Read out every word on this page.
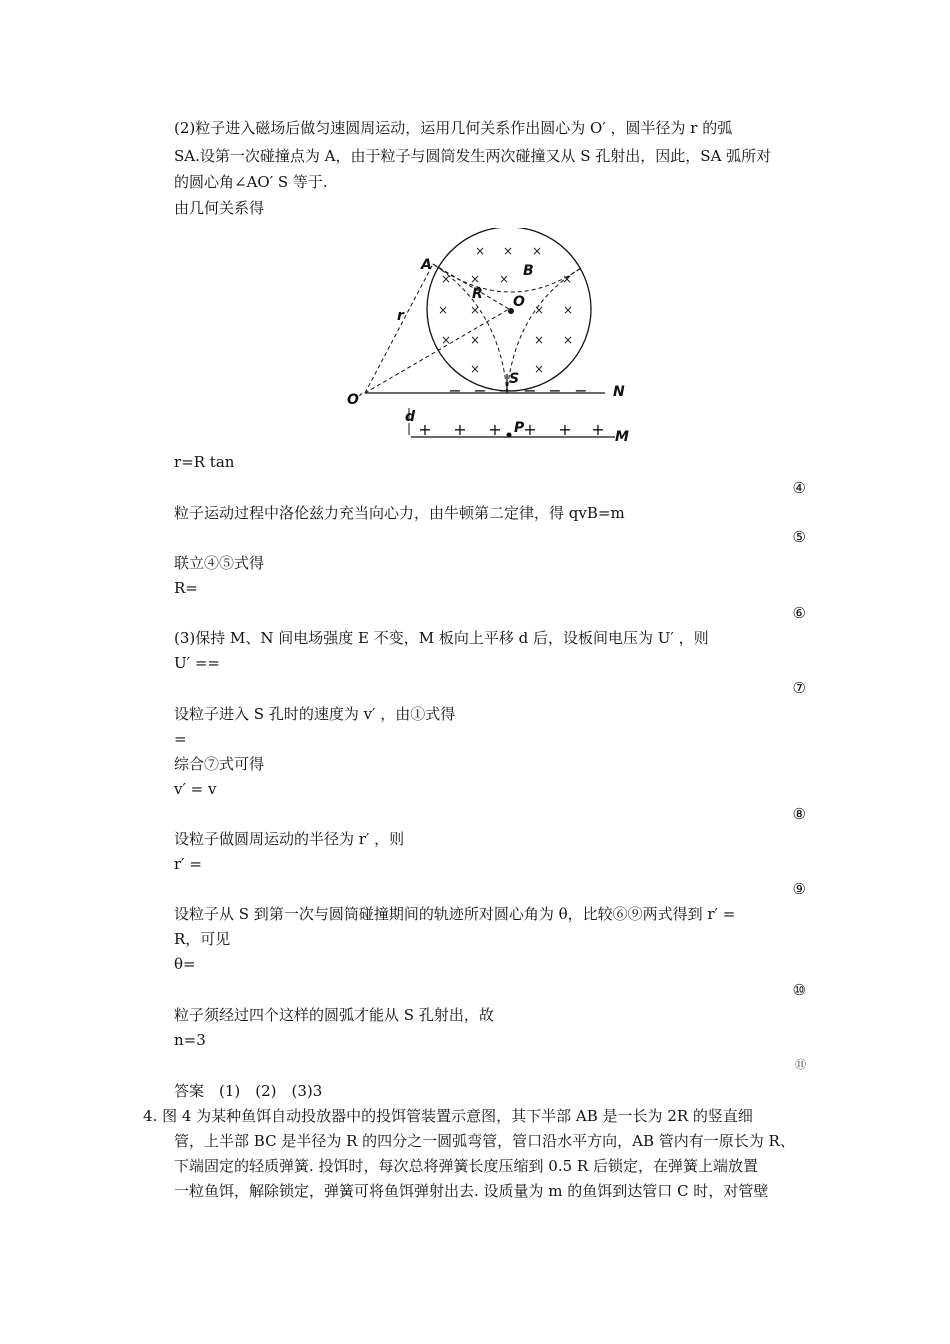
(2)粒子进入磁场后做匀速圆周运动，运用几何关系作出圆心为 O′ ，圆半径为 r 的弧
SA.设第一次碰撞点为 A，由于粒子与圆筒发生两次碰撞又从 S 孔射出，因此，SA 弧所对
的圆心角∠AO′ S 等于.
由几何关系得
× × ×
× × ×	×
× ×	× ×
× ×	× ×
×	×
− − − − − −
+ + + + + +
A	B
R O
r
S
O′	N
d
P
M
r=R tan
④
粒子运动过程中洛伦兹力充当向心力，由牛顿第二定律，得 qvB=m
⑤
联立④⑤式得
R=
⑥
(3)保持 M、N 间电场强度 E 不变，M 板向上平移 d 后，设板间电压为 U′ ，则
U′ ==
⑦
设粒子进入 S 孔时的速度为 v′ ，由①式得
=
综合⑦式可得
v′ = v
⑧
设粒子做圆周运动的半径为 r′ ，则
r′ =
⑨
设粒子从 S 到第一次与圆筒碰撞期间的轨迹所对圆心角为 θ，比较⑥⑨两式得到 r′ =
R，可见
θ=
⑩
粒子须经过四个这样的圆弧才能从 S 孔射出，故
n=3
⑪
答案　(1)　(2)　(3)3
4. 图 4 为某种鱼饵自动投放器中的投饵管装置示意图，其下半部 AB 是一长为 2R 的竖直细
管，上半部 BC 是半径为 R 的四分之一圆弧弯管，管口沿水平方向，AB 管内有一原长为 R、
下端固定的轻质弹簧. 投饵时，每次总将弹簧长度压缩到 0.5 R 后锁定，在弹簧上端放置
一粒鱼饵，解除锁定，弹簧可将鱼饵弹射出去. 设质量为 m 的鱼饵到达管口 C 时，对管壁
